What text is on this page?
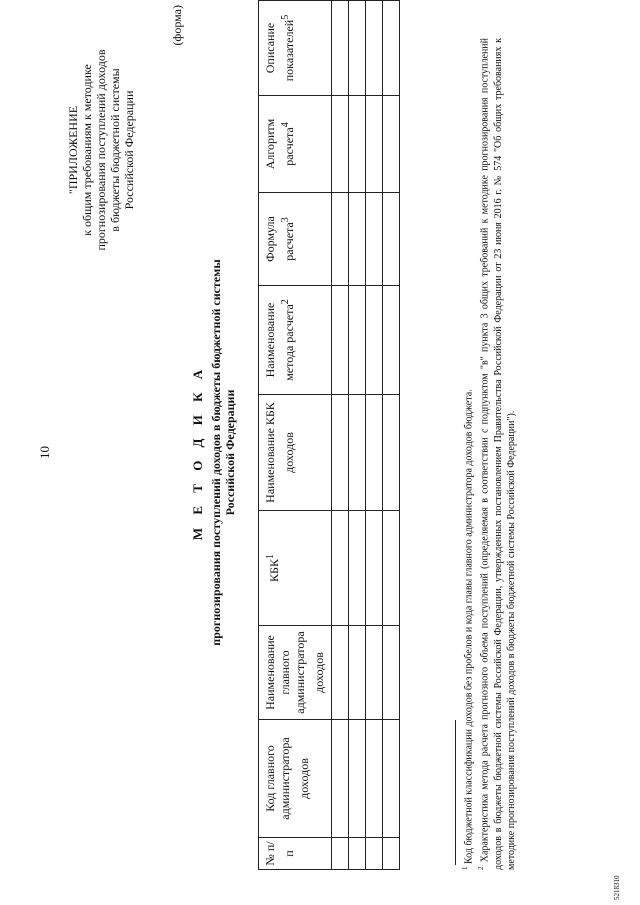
10
"ПРИЛОЖЕНИЕ к общим требованиям к методике прогнозирования поступлений доходов в бюджеты бюджетной системы Российской Федерации
(форма)
М Е Т О Д И К А прогнозирования поступлений доходов в бюджеты бюджетной системы Российской Федерации
№ п/п	Код главного администратора доходов	Наименование главного администратора доходов	КБК$^1$	Наименование КБК доходов	Наименование метода расчета$^2$	Формула расчета$^3$	Алгоритм расчета$^4$	Описание показателей$^5$

$^1$ Код бюджетной классификации доходов без пробелов и кода главы главного администратора доходов бюджета.

$^2$ Характеристика метода расчета прогнозного объема поступлений (определяемая в соответствии с подпунктом "в" пункта 3 общих требований к методике прогнозирования поступлений доходов в бюджеты бюджетной системы Российской Федерации, утвержденных постановлением Правительства Российской Федерации от 23 июня 2016 г. № 574 "Об общих требованиях к методике прогнозирования поступлений доходов в бюджеты бюджетной системы Российской Федерации").

5218310
